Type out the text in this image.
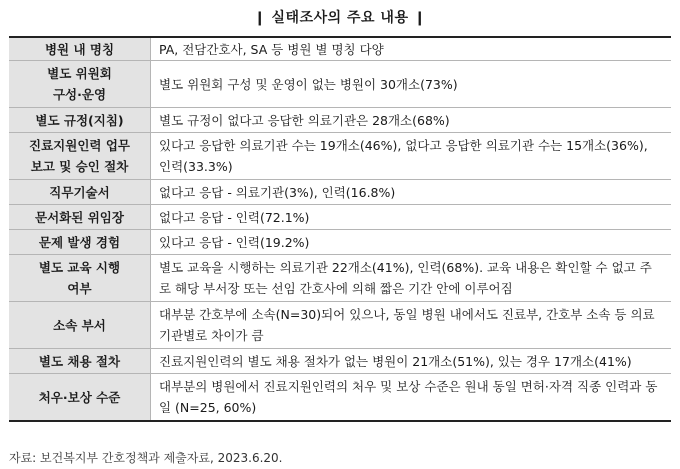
❙ 실태조사의 주요 내용 ❙
병원 내 명칭	PA, 전담간호사, SA 등 병원 별 명칭 다양
별도 위원회
구성·운영	별도 위원회 구성 및 운영이 없는 병원이 30개소(73%)
별도 규정(지침)	별도 규정이 없다고 응답한 의료기관은 28개소(68%)
진료지원인력 업무
보고 및 승인 절차	있다고 응답한 의료기관 수는 19개소(46%), 없다고 응답한 의료기관 수는 15개소(36%), 인력(33.3%)
직무기술서	없다고 응답 - 의료기관(3%), 인력(16.8%)
문서화된 위임장	없다고 응답 - 인력(72.1%)
문제 발생 경험	있다고 응답 - 인력(19.2%)
별도 교육 시행
여부	별도 교육을 시행하는 의료기관 22개소(41%), 인력(68%). 교육 내용은 확인할 수 없고 주로 해당 부서장 또는 선임 간호사에 의해 짧은 기간 안에 이루어짐
소속 부서	대부분 간호부에 소속(N=30)되어 있으나, 동일 병원 내에서도 진료부, 간호부 소속 등 의료기관별로 차이가 큼
별도 채용 절차	진료지원인력의 별도 채용 절차가 없는 병원이 21개소(51%), 있는 경우 17개소(41%)
처우·보상 수준	대부분의 병원에서 진료지원인력의 처우 및 보상 수준은 원내 동일 면허·자격 직종 인력과 동일 (N=25, 60%)
자료: 보건복지부 간호정책과 제출자료, 2023.6.20.
